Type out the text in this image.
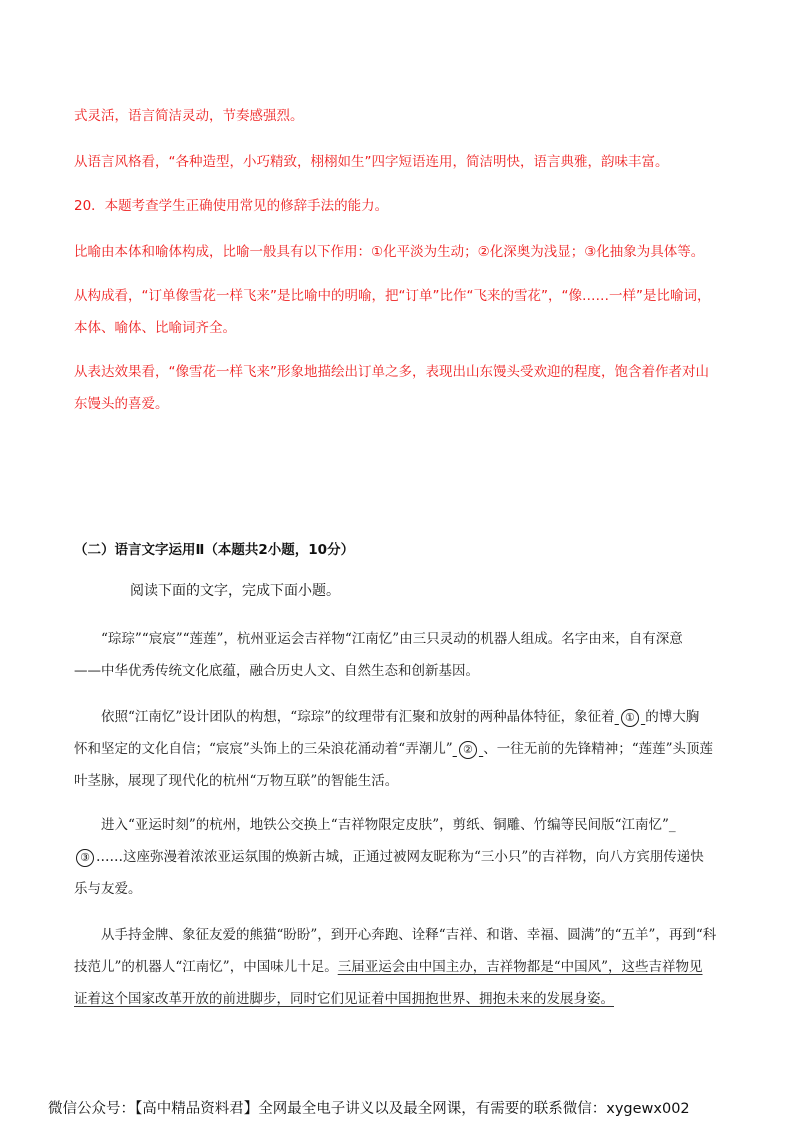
式灵活，语言简洁灵动，节奏感强烈。
从语言风格看，“各种造型，小巧精致，栩栩如生”四字短语连用，简洁明快，语言典雅，韵味丰富。
20．本题考查学生正确使用常见的修辞手法的能力。
比喻由本体和喻体构成，比喻一般具有以下作用：①化平淡为生动；②化深奥为浅显；③化抽象为具体等。
从构成看，“订单像雪花一样飞来”是比喻中的明喻，把“订单”比作“飞来的雪花”，“像……一样”是比喻词，
本体、喻体、比喻词齐全。
从表达效果看，“像雪花一样飞来”形象地描绘出订单之多，表现出山东馒头受欢迎的程度，饱含着作者对山
东馒头的喜爱。
（二）语言文字运用Ⅱ（本题共2小题，10分）
阅读下面的文字，完成下面小题。
“琮琮”“宸宸”“莲莲”，杭州亚运会吉祥物“江南忆”由三只灵动的机器人组成。名字由来，自有深意
——中华优秀传统文化底蕴，融合历史人文、自然生态和创新基因。
依照“江南忆”设计团队的构想，“琮琮”的纹理带有汇聚和放射的两种晶体特征，象征着 ① 的博大胸
怀和坚定的文化自信；“宸宸”头饰上的三朵浪花涌动着“弄潮儿” ② 、一往无前的先锋精神；“莲莲”头顶莲
叶茎脉，展现了现代化的杭州“万物互联”的智能生活。
进入“亚运时刻”的杭州，地铁公交换上“吉祥物限定皮肤”，剪纸、铜雕、竹编等民间版“江南忆”_
③ ……这座弥漫着浓浓亚运氛围的焕新古城，正通过被网友昵称为“三小只”的吉祥物，向八方宾朋传递快
乐与友爱。
从手持金牌、象征友爱的熊猫“盼盼”，到开心奔跑、诠释“吉祥、和谐、幸福、圆满”的“五羊”，再到“科
技范儿”的机器人“江南忆”，中国味儿十足。三届亚运会由中国主办，吉祥物都是“中国风”，这些吉祥物见
证着这个国家改革开放的前进脚步，同时它们见证着中国拥抱世界、拥抱未来的发展身姿。
微信公众号：【高中精品资料君】全网最全电子讲义以及最全网课，有需要的联系微信：xygewx002
